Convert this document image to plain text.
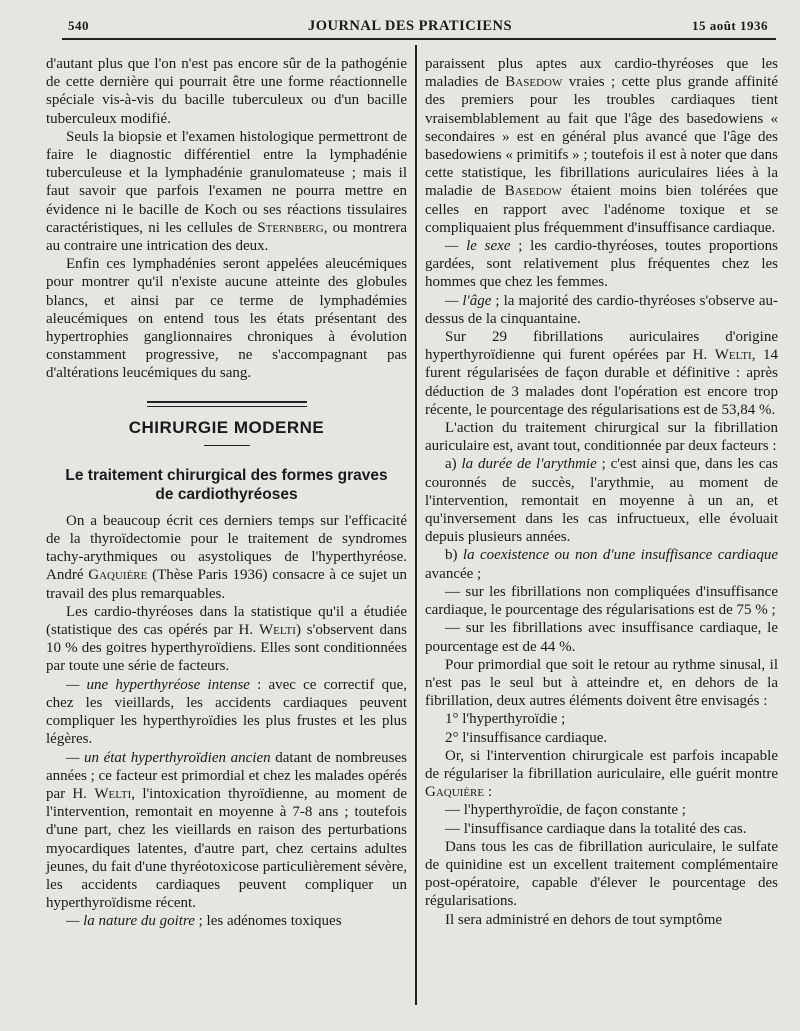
540	JOURNAL DES PRATICIENS	15 août 1936

d'autant plus que l'on n'est pas encore sûr de la pathogénie de cette dernière qui pourrait être une forme réactionnelle spéciale vis-à-vis du bacille tuberculeux ou d'un bacille tuberculeux modifié.

Seuls la biopsie et l'examen histologique permettront de faire le diagnostic différentiel entre la lymphadénie tuberculeuse et la lymphadénie granulomateuse ; mais il faut savoir que parfois l'examen ne pourra mettre en évidence ni le bacille de Koch ou ses réactions tissulaires caractéristiques, ni les cellules de Sternberg, ou montrera au contraire une intrication des deux.

Enfin ces lymphadénies seront appelées aleucémiques pour montrer qu'il n'existe aucune atteinte des globules blancs, et ainsi par ce terme de lymphadémies aleucémiques on entend tous les états présentant des hypertrophies ganglionnaires chroniques à évolution constamment progressive, ne s'accompagnant pas d'altérations leucémiques du sang.

CHIRURGIE MODERNE
Le traitement chirurgical des formes graves
de cardiothyréoses

On a beaucoup écrit ces derniers temps sur l'efficacité de la thyroïdectomie pour le traitement de syndromes tachy-arythmiques ou asystoliques de l'hyperthyréose. André Gaquière (Thèse Paris 1936) consacre à ce sujet un travail des plus remarquables.

Les cardio-thyréoses dans la statistique qu'il a étudiée (statistique des cas opérés par H. Welti) s'observent dans 10 % des goitres hyperthyroïdiens. Elles sont conditionnées par toute une série de facteurs.

— une hyperthyréose intense : avec ce correctif que, chez les vieillards, les accidents cardiaques peuvent compliquer les hyperthyroïdies les plus frustes et les plus légères.

— un état hyperthyroïdien ancien datant de nombreuses années ; ce facteur est primordial et chez les malades opérés par H. Welti, l'intoxication thyroïdienne, au moment de l'intervention, remontait en moyenne à 7-8 ans ; toutefois d'une part, chez les vieillards en raison des perturbations myocardiques latentes, d'autre part, chez certains adultes jeunes, du fait d'une thyréotoxicose particulièrement sévère, les accidents cardiaques peuvent compliquer un hyperthyroïdisme récent.

— la nature du goitre ; les adénomes toxiques

paraissent plus aptes aux cardio-thyréoses que les maladies de Basedow vraies ; cette plus grande affinité des premiers pour les troubles cardiaques tient vraisemblablement au fait que l'âge des basedowiens « secondaires » est en général plus avancé que l'âge des basedowiens « primitifs » ; toutefois il est à noter que dans cette statistique, les fibrillations auriculaires liées à la maladie de Basedow étaient moins bien tolérées que celles en rapport avec l'adénome toxique et se compliquaient plus fréquemment d'insuffisance cardiaque.

— le sexe ; les cardio-thyréoses, toutes proportions gardées, sont relativement plus fréquentes chez les hommes que chez les femmes.

— l'âge ; la majorité des cardio-thyréoses s'observe au-dessus de la cinquantaine.

Sur 29 fibrillations auriculaires d'origine hyperthyroïdienne qui furent opérées par H. Welti, 14 furent régularisées de façon durable et définitive : après déduction de 3 malades dont l'opération est encore trop récente, le pourcentage des régularisations est de 53,84 %.

L'action du traitement chirurgical sur la fibrillation auriculaire est, avant tout, conditionnée par deux facteurs :

a) la durée de l'arythmie ; c'est ainsi que, dans les cas couronnés de succès, l'arythmie, au moment de l'intervention, remontait en moyenne à un an, et qu'inversement dans les cas infructueux, elle évoluait depuis plusieurs années.

b) la coexistence ou non d'une insuffisance cardiaque avancée ;

— sur les fibrillations non compliquées d'insuffisance cardiaque, le pourcentage des régularisations est de 75 % ;

— sur les fibrillations avec insuffisance cardiaque, le pourcentage est de 44 %.

Pour primordial que soit le retour au rythme sinusal, il n'est pas le seul but à atteindre et, en dehors de la fibrillation, deux autres éléments doivent être envisagés :

1° l'hyperthyroïdie ;

2° l'insuffisance cardiaque.

Or, si l'intervention chirurgicale est parfois incapable de régulariser la fibrillation auriculaire, elle guérit montre Gaquière :

— l'hyperthyroïdie, de façon constante ;

— l'insuffisance cardiaque dans la totalité des cas.

Dans tous les cas de fibrillation auriculaire, le sulfate de quinidine est un excellent traitement complémentaire post-opératoire, capable d'élever le pourcentage des régularisations.

Il sera administré en dehors de tout symptôme
